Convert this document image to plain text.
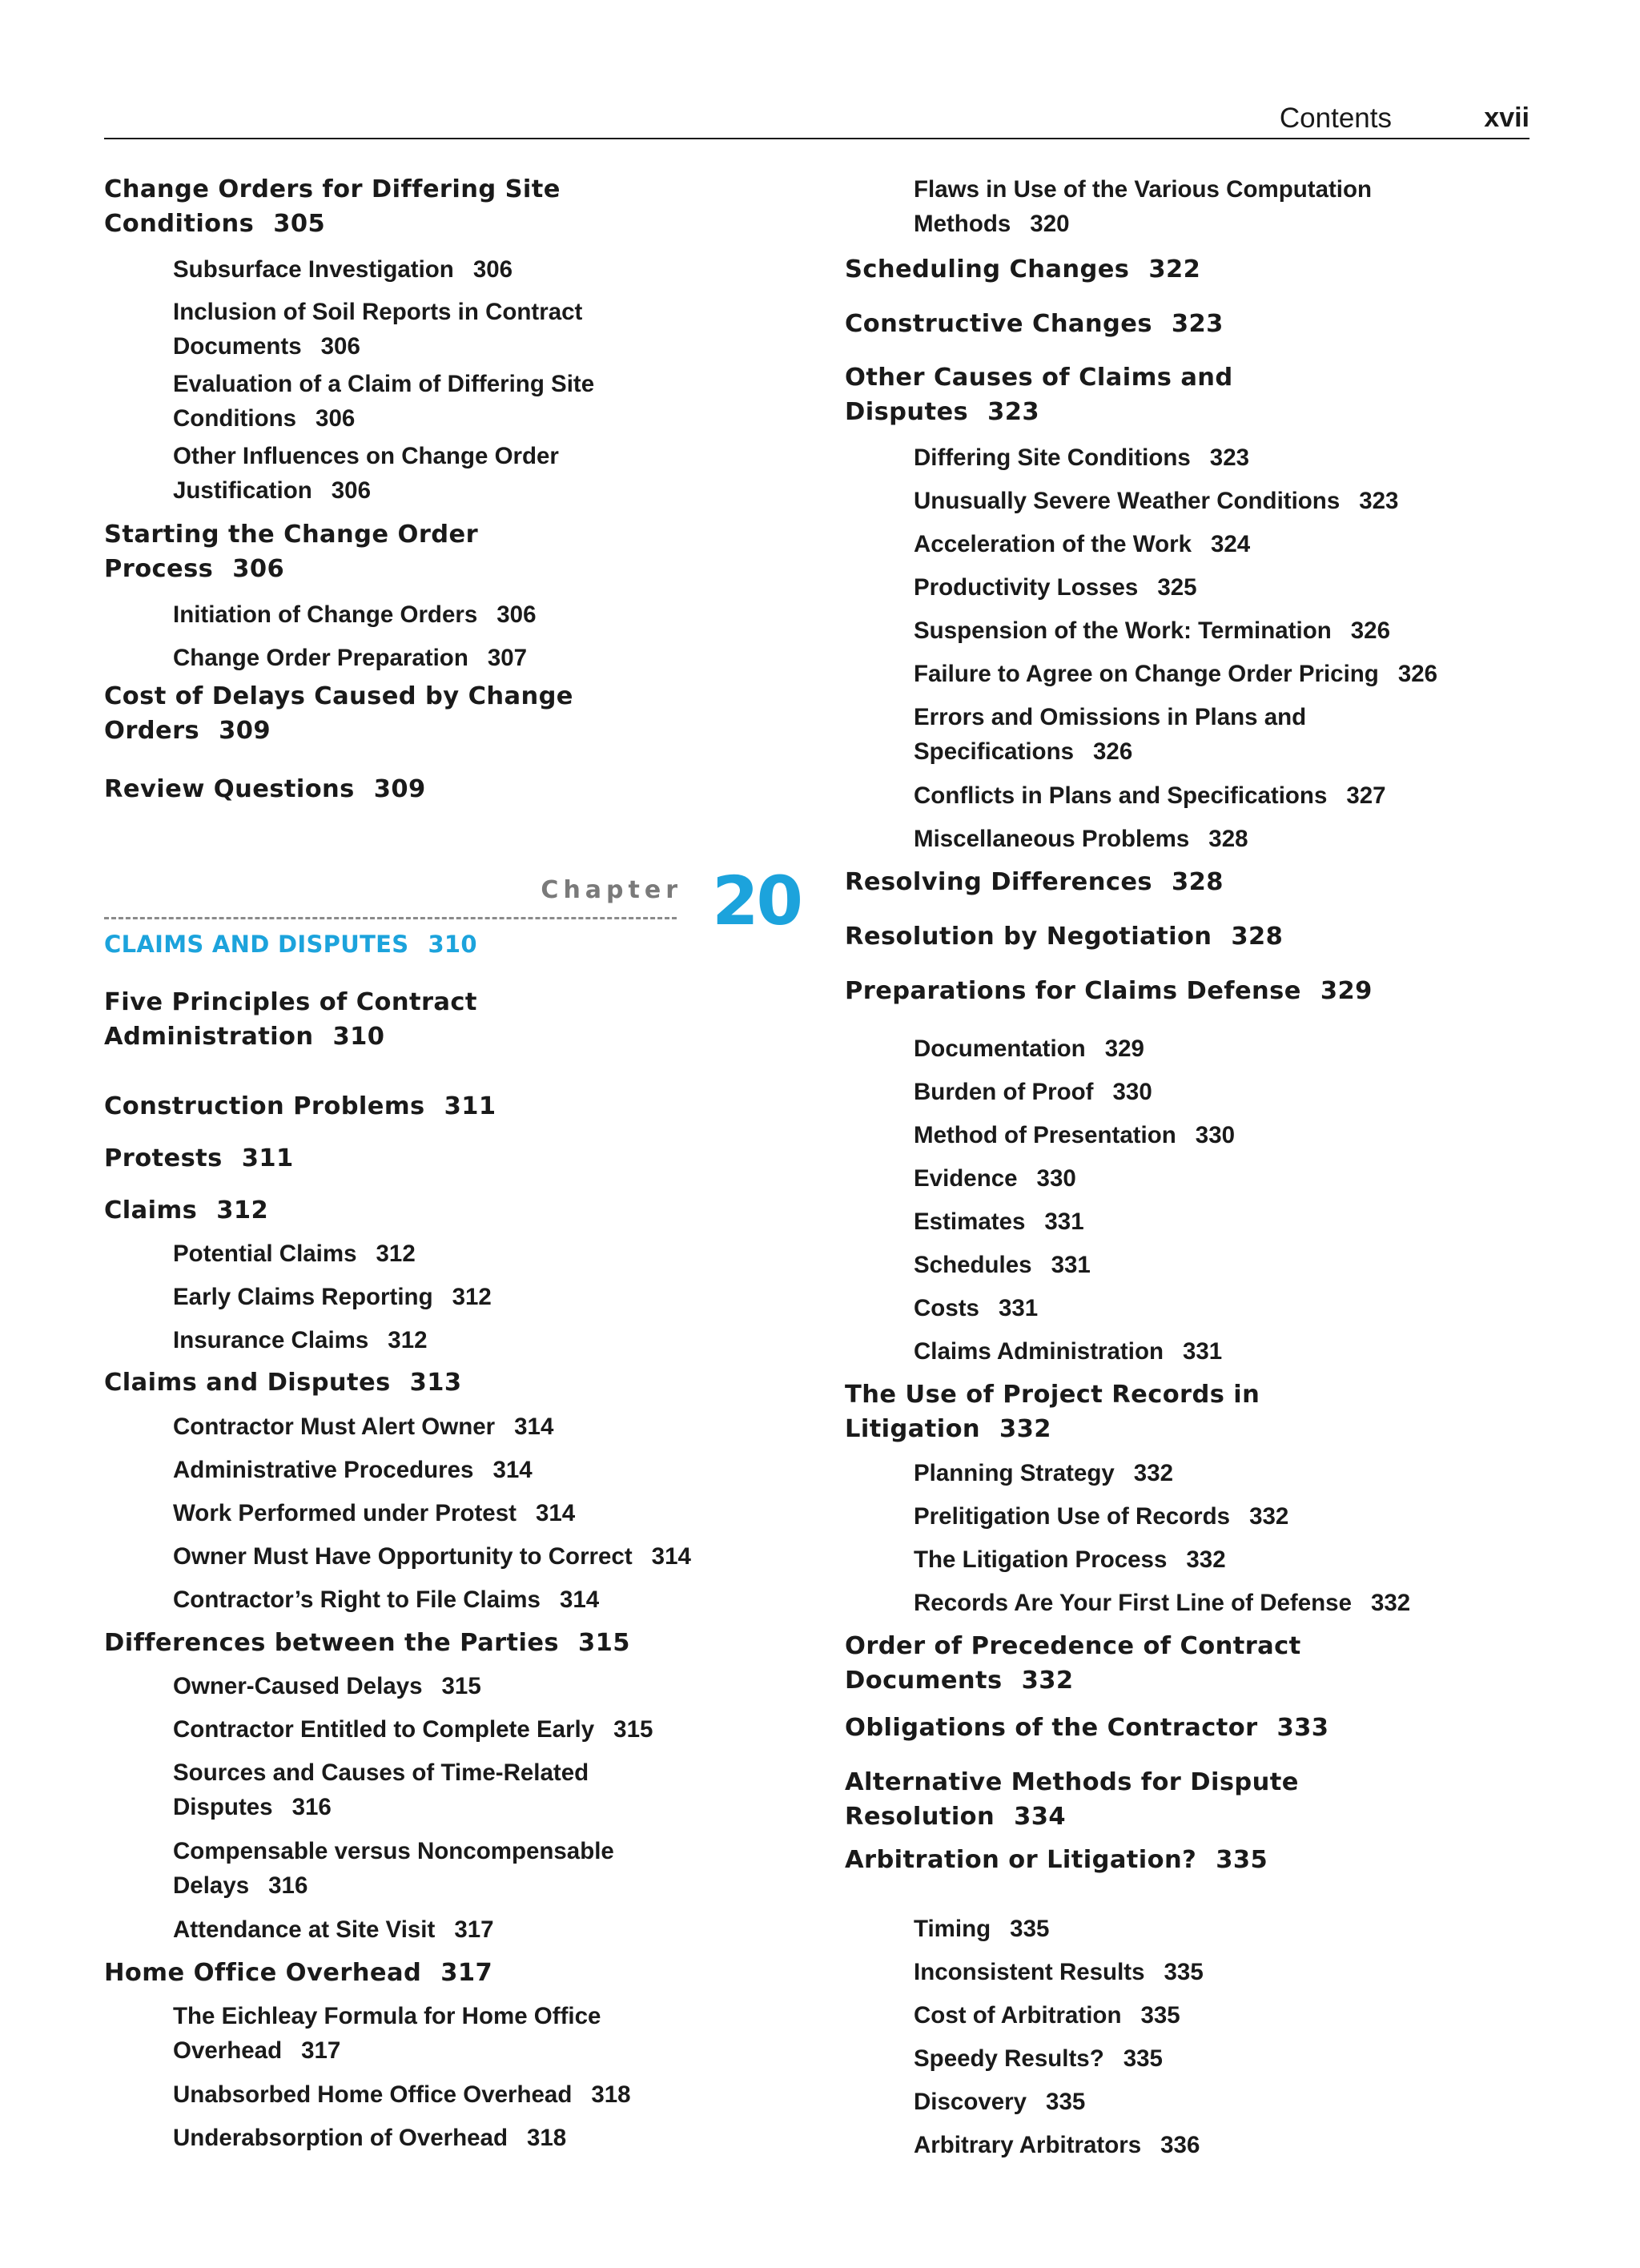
Contents	xvii
Change Orders for Differing Site
Conditions 305
Subsurface Investigation 306
Inclusion of Soil Reports in Contract
Documents 306
Evaluation of a Claim of Differing Site
Conditions 306
Other Influences on Change Order
Justification 306
Starting the Change Order
Process 306
Initiation of Change Orders 306
Change Order Preparation 307
Cost of Delays Caused by Change
Orders 309
Review Questions 309
Five Principles of Contract
Administration 310
Construction Problems 311
Protests 311
Claims 312
Potential Claims 312
Early Claims Reporting 312
Insurance Claims 312
Claims and Disputes 313
Contractor Must Alert Owner 314
Administrative Procedures 314
Work Performed under Protest 314
Owner Must Have Opportunity to Correct 314
Contractor’s Right to File Claims 314
Differences between the Parties 315
Owner-Caused Delays 315
Contractor Entitled to Complete Early 315
Sources and Causes of Time-Related
Disputes 316
Compensable versus Noncompensable
Delays 316
Attendance at Site Visit 317
Home Office Overhead 317
The Eichleay Formula for Home Office
Overhead 317
Unabsorbed Home Office Overhead 318
Underabsorption of Overhead 318
Chapter 20
CLAIMS AND DISPUTES 310
Flaws in Use of the Various Computation
Methods 320
Scheduling Changes 322
Constructive Changes 323
Other Causes of Claims and
Disputes 323
Differing Site Conditions 323
Unusually Severe Weather Conditions 323
Acceleration of the Work 324
Productivity Losses 325
Suspension of the Work: Termination 326
Failure to Agree on Change Order Pricing 326
Errors and Omissions in Plans and
Specifications 326
Conflicts in Plans and Specifications 327
Miscellaneous Problems 328
Resolving Differences 328
Resolution by Negotiation 328
Preparations for Claims Defense 329
Documentation 329
Burden of Proof 330
Method of Presentation 330
Evidence 330
Estimates 331
Schedules 331
Costs 331
Claims Administration 331
The Use of Project Records in
Litigation 332
Planning Strategy 332
Prelitigation Use of Records 332
The Litigation Process 332
Records Are Your First Line of Defense 332
Order of Precedence of Contract
Documents 332
Obligations of the Contractor 333
Alternative Methods for Dispute
Resolution 334
Arbitration or Litigation? 335
Timing 335
Inconsistent Results 335
Cost of Arbitration 335
Speedy Results? 335
Discovery 335
Arbitrary Arbitrators 336
